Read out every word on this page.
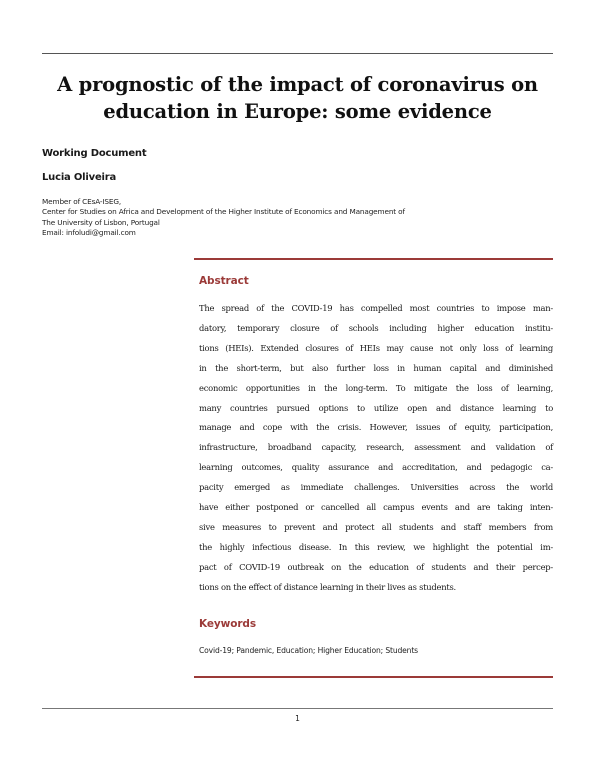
A prognostic of the impact of coronavirus on
education in Europe: some evidence
Working Document
Lucia Oliveira
Member of CEsA-ISEG,
Center for Studies on Africa and Development of the Higher Institute of Economics and Management of
The University of Lisbon, Portugal
Email: infoludi@gmail.com
Abstract
The spread of the COVID-19 has compelled most countries to impose man-
datory, temporary closure of schools including higher education institu-
tions (HEIs). Extended closures of HEIs may cause not only loss of learning
in the short-term, but also further loss in human capital and diminished
economic opportunities in the long-term. To mitigate the loss of learning,
many countries pursued options to utilize open and distance learning to
manage and cope with the crisis. However, issues of equity, participation,
infrastructure, broadband capacity, research, assessment and validation of
learning outcomes, quality assurance and accreditation, and pedagogic ca-
pacity emerged as immediate challenges. Universities across the world
have either postponed or cancelled all campus events and are taking inten-
sive measures to prevent and protect all students and staff members from
the highly infectious disease. In this review, we highlight the potential im-
pact of COVID-19 outbreak on the education of students and their percep-
tions on the effect of distance learning in their lives as students.
Keywords
Covid-19; Pandemic, Education; Higher Education; Students
1
